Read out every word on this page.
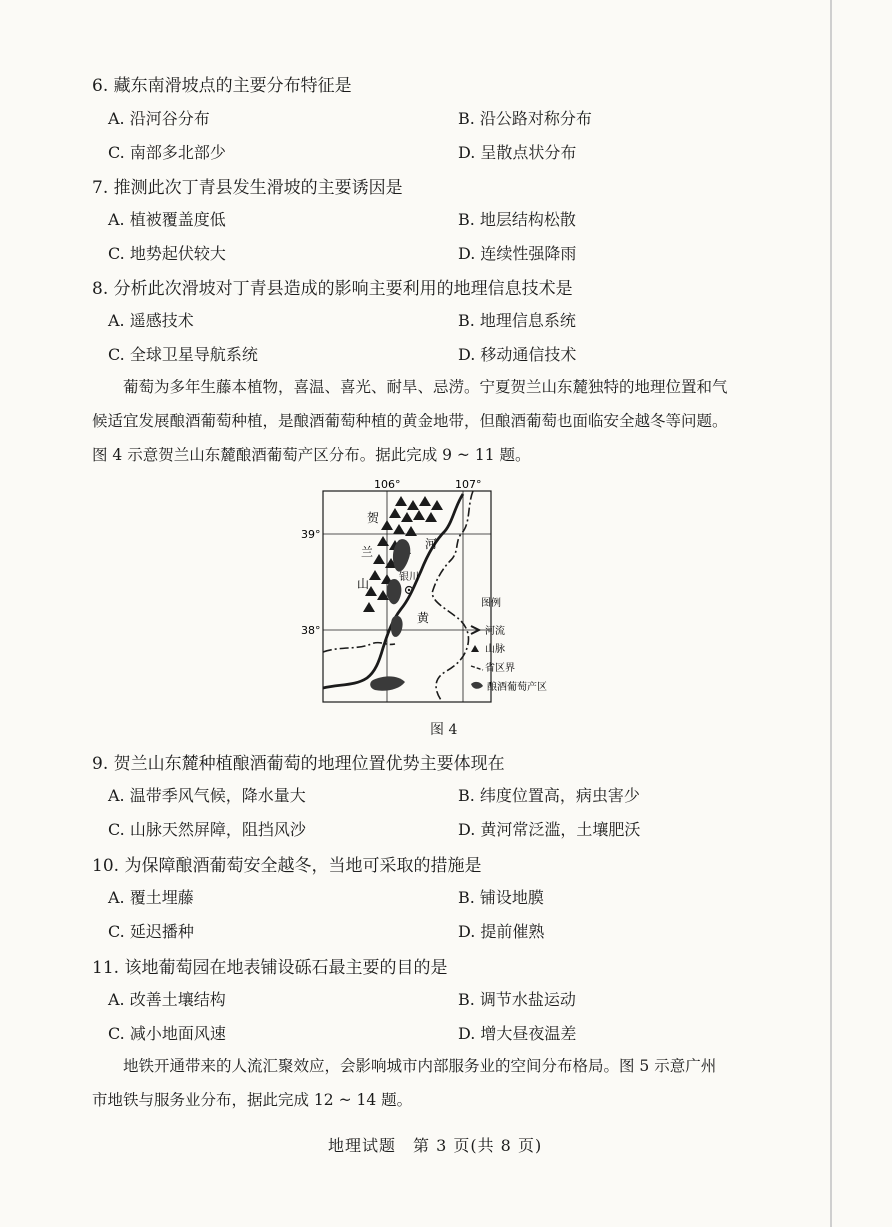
6. 藏东南滑坡点的主要分布特征是
A. 沿河谷分布	B. 沿公路对称分布
C. 南部多北部少	D. 呈散点状分布
7. 推测此次丁青县发生滑坡的主要诱因是
A. 植被覆盖度低	B. 地层结构松散
C. 地势起伏较大	D. 连续性强降雨
8. 分析此次滑坡对丁青县造成的影响主要利用的地理信息技术是
A. 遥感技术	B. 地理信息系统
C. 全球卫星导航系统	D. 移动通信技术
葡萄为多年生藤本植物，喜温、喜光、耐旱、忌涝。宁夏贺兰山东麓独特的地理位置和气
候适宜发展酿酒葡萄种植，是酿酒葡萄种植的黄金地带，但酿酒葡萄也面临安全越冬等问题。
图 4 示意贺兰山东麓酿酒葡萄产区分布。据此完成 9 ~ 11 题。
106°	107°
39°
38°
银川
贺
兰
山
河
黄
图例
河流
山脉
省区界
酿酒葡萄产区
图 4
9. 贺兰山东麓种植酿酒葡萄的地理位置优势主要体现在
A. 温带季风气候，降水量大	B. 纬度位置高，病虫害少
C. 山脉天然屏障，阻挡风沙	D. 黄河常泛滥，土壤肥沃
10. 为保障酿酒葡萄安全越冬，当地可采取的措施是
A. 覆土埋藤	B. 铺设地膜
C. 延迟播种	D. 提前催熟
11. 该地葡萄园在地表铺设砾石最主要的目的是
A. 改善土壤结构	B. 调节水盐运动
C. 减小地面风速	D. 增大昼夜温差
地铁开通带来的人流汇聚效应，会影响城市内部服务业的空间分布格局。图 5 示意广州
市地铁与服务业分布，据此完成 12 ~ 14 题。
地理试题　第 3 页(共 8 页)
